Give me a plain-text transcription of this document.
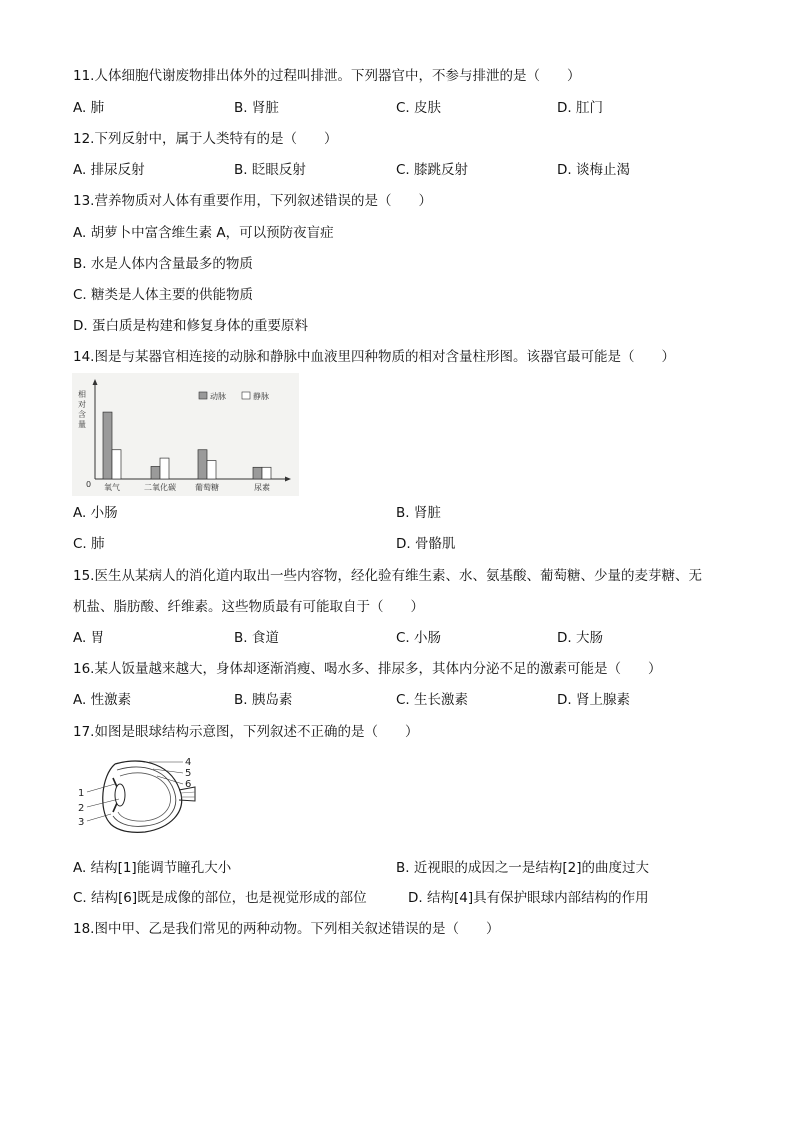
11.人体细胞代谢废物排出体外的过程叫排泄。下列器官中，不参与排泄的是（　　）
A. 肺	B. 肾脏	C. 皮肤	D. 肛门
12.下列反射中，属于人类特有的是（　　）
A. 排尿反射	B. 眨眼反射	C. 膝跳反射	D. 谈梅止渴
13.营养物质对人体有重要作用，下列叙述错误的是（　　）
A. 胡萝卜中富含维生素 A，可以预防夜盲症
B. 水是人体内含量最多的物质
C. 糖类是人体主要的供能物质
D. 蛋白质是构建和修复身体的重要原料
14.图是与某器官相连接的动脉和静脉中血液里四种物质的相对含量柱形图。该器官最可能是（　　）
相对含量
0
动脉	静脉
氧气	二氧化碳 葡萄糖	尿素
A. 小肠	B. 肾脏
C. 肺	D. 骨骼肌
15.医生从某病人的消化道内取出一些内容物，经化验有维生素、水、氨基酸、葡萄糖、少量的麦芽糖、无
机盐、脂肪酸、纤维素。这些物质最有可能取自于（　　）
A. 胃	B. 食道	C. 小肠	D. 大肠
16.某人饭量越来越大，身体却逐渐消瘦、喝水多、排尿多，其体内分泌不足的激素可能是（　　）
A. 性激素	B. 胰岛素	C. 生长激素	D. 肾上腺素
17.如图是眼球结构示意图，下列叙述不正确的是（　　）
1
2
3
4
5
6
A. 结构[1]能调节瞳孔大小	B. 近视眼的成因之一是结构[2]的曲度过大
C. 结构[6]既是成像的部位，也是视觉形成的部位	D. 结构[4]具有保护眼球内部结构的作用
18.图中甲、乙是我们常见的两种动物。下列相关叙述错误的是（　　）
